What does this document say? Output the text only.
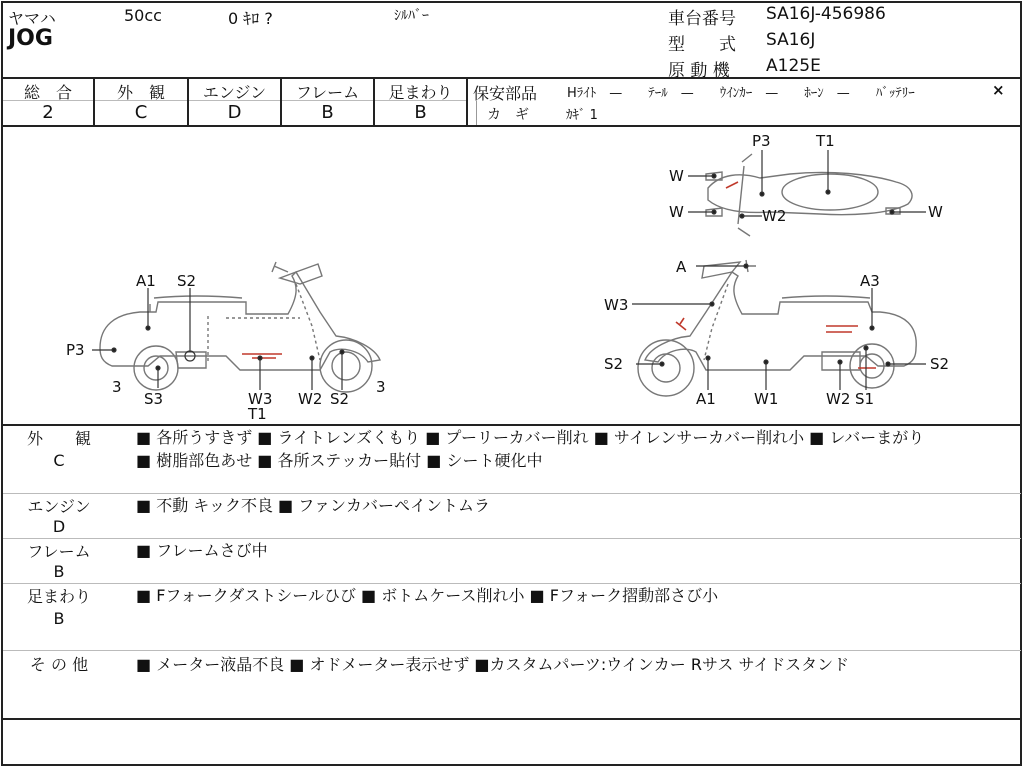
ヤマハ	50cc	0 ｷﾛ ?	ｼﾙﾊﾞｰ
JOG
車台番号 SA16J-456986
型　　式 SA16J
原 動 機 A125E
総　合	外　観	エンジン	フレーム	足まわり
2	C	D	B	B
保安部品 Hﾗｲﾄ　—　　ﾃｰﾙ　—　　ｳｲﾝｶｰ　—　　ﾎｰﾝ　—　　ﾊﾞｯﾃﾘｰ	×
カ　ギ	ｶｷﾞ 1
A1 S2
P3
3
S3	W3
T1
W2 S2
3
A
W3
A3
S2
A1	W1	W2 S1
S2
P3	T1
W
W	W2	W
外　　観
C
■ 各所うすきず ■ ライトレンズくもり ■ プーリーカバー削れ ■ サイレンサーカバー削れ小 ■ レバーまがり
■ 樹脂部色あせ ■ 各所ステッカー貼付 ■ シート硬化中
エンジン
D
■ 不動 キック不良 ■ ファンカバーペイントムラ
フレーム
B
■ フレームさび中
足まわり
B
■ Fフォークダストシールひび ■ ボトムケース削れ小 ■ Fフォーク摺動部さび小
そ の 他	■ メーター液晶不良 ■ オドメーター表示せず ■カスタムパーツ:ウインカー Rサス サイドスタンド
